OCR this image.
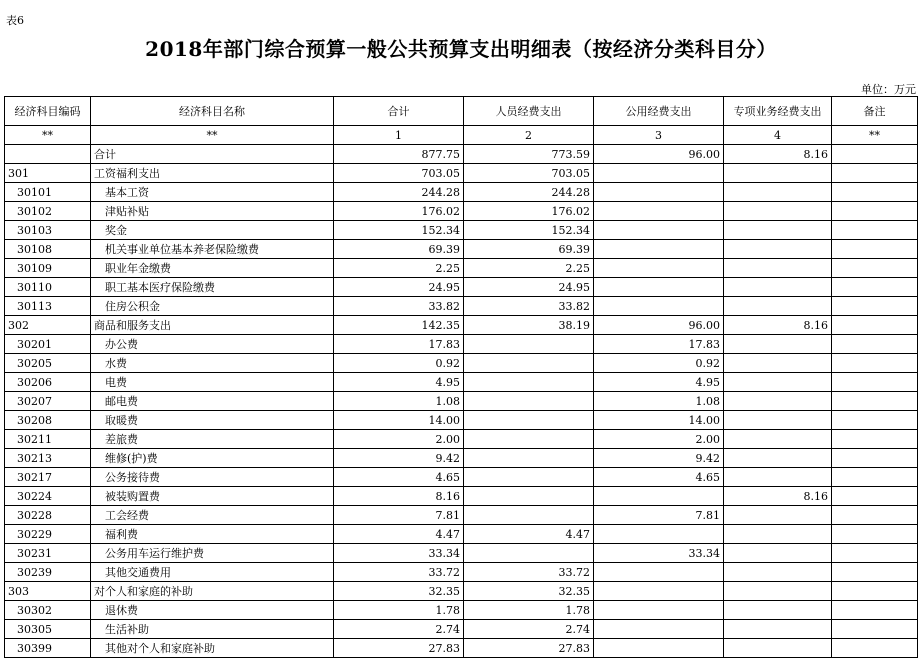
表6
2018年部门综合预算一般公共预算支出明细表（按经济分类科目分）
单位：万元
经济科目编码	经济科目名称	合计	人员经费支出	公用经费支出	专项业务经费支出	备注
**	**	1	2	3	4	**
	合计	877.75	773.59	96.00	8.16	
301	工资福利支出	703.05	703.05			
30101	基本工资	244.28	244.28			
30102	津贴补贴	176.02	176.02			
30103	奖金	152.34	152.34			
30108	机关事业单位基本养老保险缴费	69.39	69.39			
30109	职业年金缴费	2.25	2.25			
30110	职工基本医疗保险缴费	24.95	24.95			
30113	住房公积金	33.82	33.82			
302	商品和服务支出	142.35	38.19	96.00	8.16	
30201	办公费	17.83		17.83		
30205	水费	0.92		0.92		
30206	电费	4.95		4.95		
30207	邮电费	1.08		1.08		
30208	取暖费	14.00		14.00		
30211	差旅费	2.00		2.00		
30213	维修(护)费	9.42		9.42		
30217	公务接待费	4.65		4.65		
30224	被装购置费	8.16			8.16	
30228	工会经费	7.81		7.81		
30229	福利费	4.47	4.47			
30231	公务用车运行维护费	33.34		33.34		
30239	其他交通费用	33.72	33.72			
303	对个人和家庭的补助	32.35	32.35			
30302	退休费	1.78	1.78			
30305	生活补助	2.74	2.74			
30399	其他对个人和家庭补助	27.83	27.83			
